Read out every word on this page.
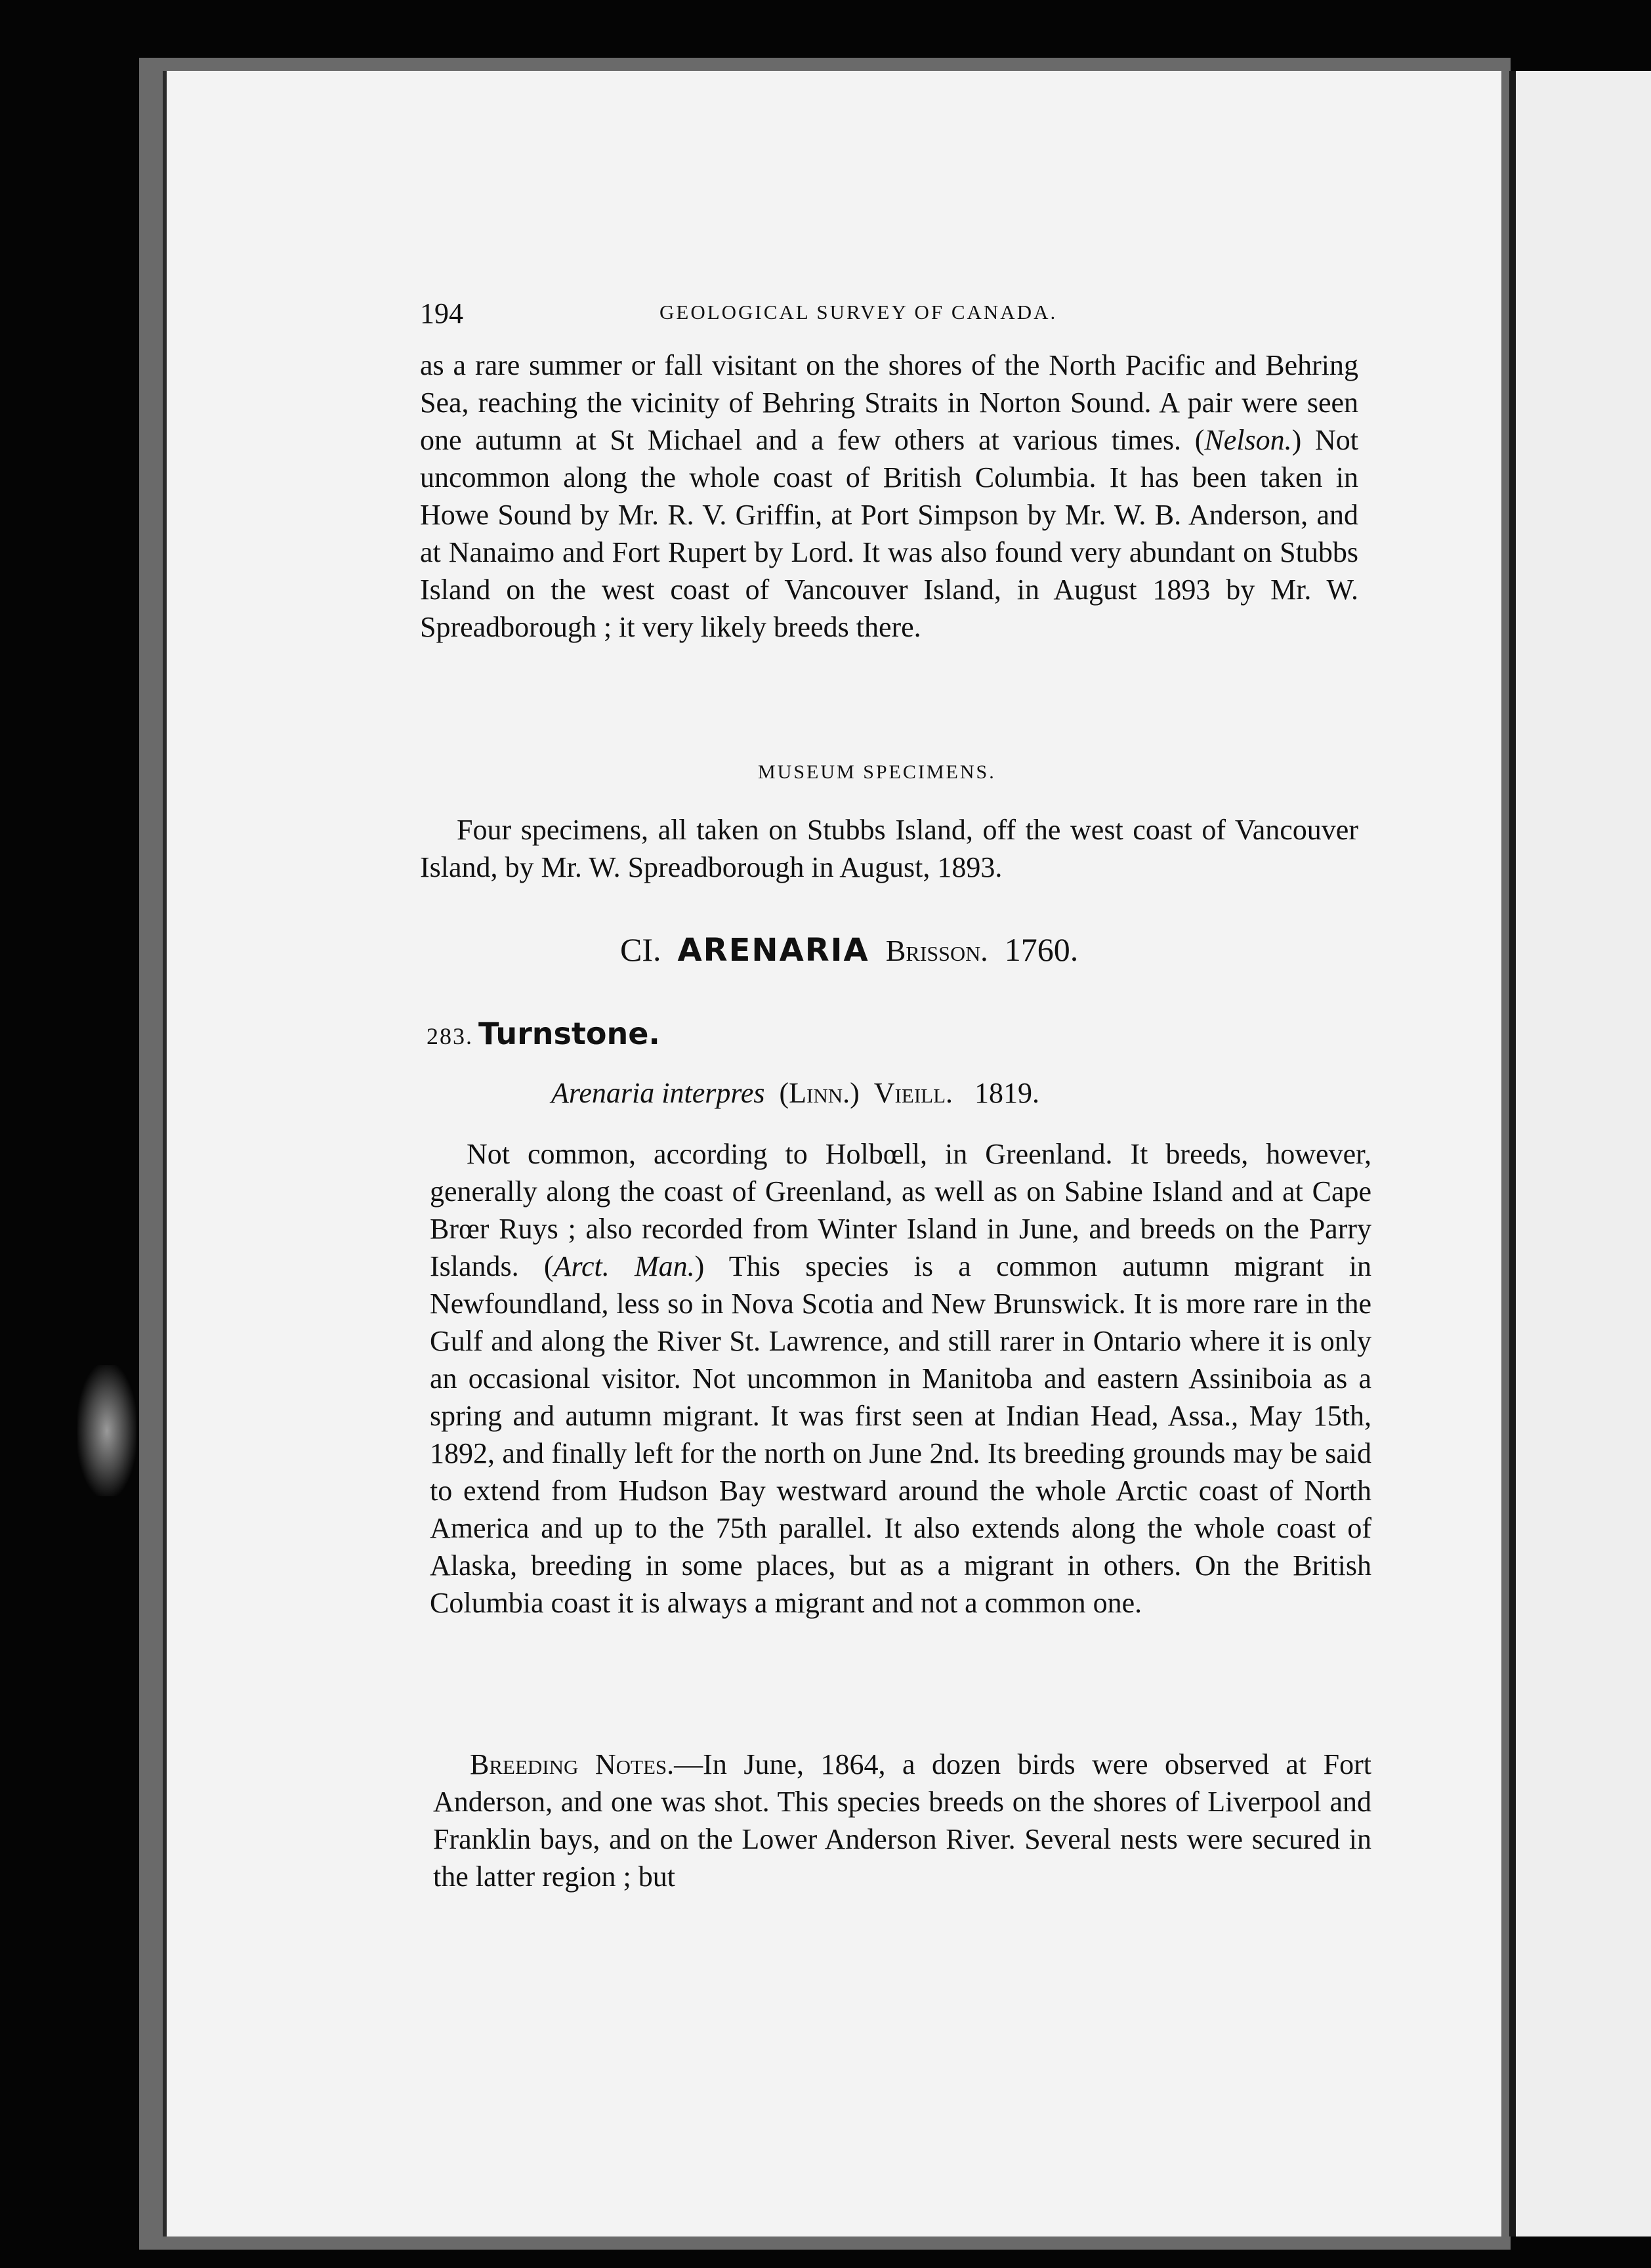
194	GEOLOGICAL SURVEY OF CANADA.

as a rare summer or fall visitant on the shores of the North Pacific and Behring Sea, reaching the vicinity of Behring Straits in Norton Sound. A pair were seen one autumn at St Michael and a few others at various times. (Nelson.) Not uncommon along the whole coast of British Columbia. It has been taken in Howe Sound by Mr. R. V. Griffin, at Port Simpson by Mr. W. B. Anderson, and at Nanaimo and Fort Rupert by Lord. It was also found very abundant on Stubbs Island on the west coast of Vancouver Island, in August 1893 by Mr. W. Spreadborough ; it very likely breeds there.

MUSEUM SPECIMENS.

Four specimens, all taken on Stubbs Island, off the west coast of Vancouver Island, by Mr. W. Spreadborough in August, 1893.

CI. ARENARIA Brisson. 1760.
283. Turnstone.
Arenaria interpres (Linn.) Vieill. 1819.

Not common, according to Holbœll, in Greenland. It breeds, however, generally along the coast of Greenland, as well as on Sabine Island and at Cape Brœr Ruys ; also recorded from Winter Island in June, and breeds on the Parry Islands. (Arct. Man.) This species is a common autumn migrant in Newfoundland, less so in Nova Scotia and New Brunswick. It is more rare in the Gulf and along the River St. Lawrence, and still rarer in Ontario where it is only an occasional visitor. Not uncommon in Manitoba and eastern Assiniboia as a spring and autumn migrant. It was first seen at Indian Head, Assa., May 15th, 1892, and finally left for the north on June 2nd. Its breeding grounds may be said to extend from Hudson Bay westward around the whole Arctic coast of North America and up to the 75th parallel. It also extends along the whole coast of Alaska, breeding in some places, but as a migrant in others. On the British Columbia coast it is always a migrant and not a common one.

Breeding Notes.—In June, 1864, a dozen birds were observed at Fort Anderson, and one was shot. This species breeds on the shores of Liverpool and Franklin bays, and on the Lower Anderson River. Several nests were secured in the latter region ; but
